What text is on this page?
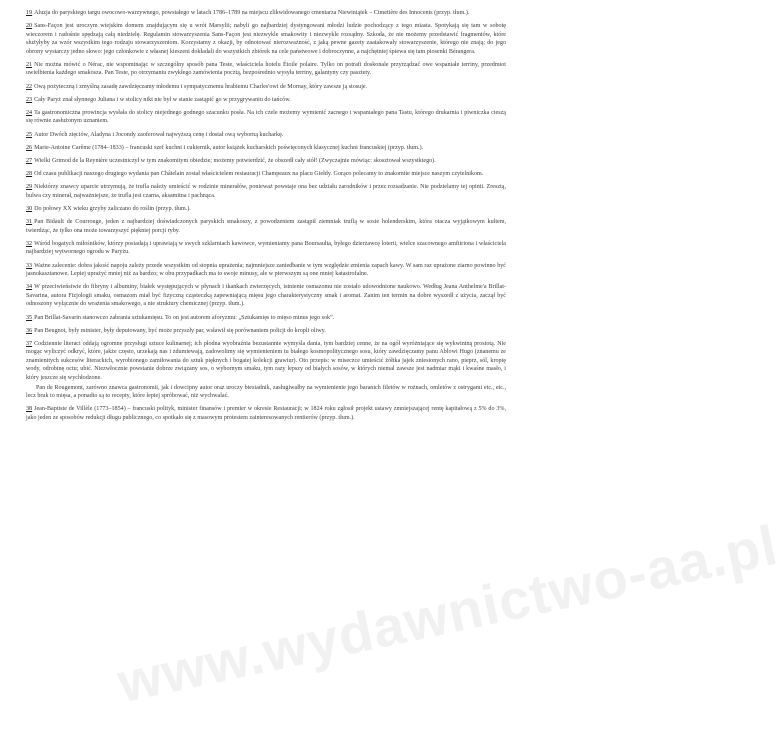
19 Aluzja do paryskiego targu owocowo-warzywnego, powstałego w latach 1786–1789 na miejscu zlikwidowanego cmentarza Niewiniątek – Cimetière des Innocents (przyp. tłum.).

20 Sans-Façon jest uroczym wiejskim domem znajdującym się u wrót Marsylii; nabyli go najbardziej dystyngowani młodzi ludzie pochodzący z tego miasta. Spotykają się tam w sobotę wieczorem i radośnie spędzają całą niedzielę. Regulamin stowarzyszenia Sans-Façon jest niezwykle smakowity i niezwykle rozsądny. Szkoda, że nie możemy przedstawić fragmentów, które służyłyby za wzór wszystkim tego rodzaju stowarzyszeniom. Korzystamy z okazji, by odnotować nierozważność, z jaką pewne gazety zaatakowały stowarzyszenie, którego nie znają; do jego obrony wystarczy jedno słowo: jego członkowie z własnej kieszeni dokładali do wszystkich zbiórek na cele państwowe i dobroczynne, a najchętniej śpiewa się tam piosenki Bérangera.

21 Nie można mówić o Nérac, nie wspominając w szczególny sposób pana Teste, właściciela hotelu Étoile polaire. Tylko on potrafi doskonale przyrządzać owe wspaniałe terriny, przedmiot uwielbienia każdego smakosza. Pan Teste, po otrzymaniu zwykłego zamówienia pocztą, bezpośrednio wysyła terriny, galantyny czy pasztety.

22 Ową pożyteczną i zmyślną zasadę zawdzięczamy młodemu i sympatycznemu hrabiemu Charles'owi de Mornay, który zawsze ją stosuje.

23 Cały Paryż znał słynnego Juliana i w stolicy nikt nie był w stanie zastąpić go w przygrywaniu do tańców.

24 Ta gastronomiczna prowincja wysłała do stolicy niejednego godnego szacunku posła. Na ich czele możemy wymienić zacnego i wspaniałego pana Tastu, którego drukarnia i piwniczka cieszą się równie zasłużonym uznaniem.

25 Autor Dwóch zięciów, Aladyna i Jocondy zaoferował najwyższą cenę i dostał ową wyborną kucharkę.

26 Marie-Antoine Carême (1784–1833) – francuski szef kuchni i cukiernik, autor książek kucharskich poświęconych klasycznej kuchni francuskiej (przyp. tłum.).

27 Wielki Grimod de la Reynière uczestniczył w tym znakomitym obiedzie; możemy potwierdzić, że obszedł cały stół! (Zwyczajnie mówiąc: skosztował wszystkiego).

28 Od czasu publikacji naszego drugiego wydania pan Châtelain został właścicielem restauracji Champeaux na placu Giełdy. Gorąco polecamy to znakomite miejsce naszym czytelnikom.

29 Niektórzy znawcy uparcie utrzymują, że trufla należy umieścić w rodzinie minerałów, ponieważ powstaje ona bez udziału zarodników i przez rozsadzanie. Nie podzielamy tej opinii. Zresztą, bulwa czy minerał, najważniejsze, że trufla jest czarna, aksamitna i pachnąca.

30 Do połowy XX wieku grzyby zaliczano do roślin (przyp. tłum.).

31 Pan Bidault de Courrouge, jeden z najbardziej doświadczonych paryskich smakoszy, z powodzeniem zastąpił ziemniak truflą w sosie holenderskim, która otacza wyjątkowym kultem, twierdząc, że tylko ona może towarzyszyć piękniej porcji ryby.

32 Wśród bogatych miłośników, którzy posiadają i uprawiają w swych szklarniach kawowce, wymieniamy pana Boursaulta, byłego dzierżawcę loterii, wielce szacownego amfitriona i właściciela najbardziej wytwornego ogrodu w Paryżu.

33 Ważne zalecenie: dobra jakość napoju zależy przede wszystkim od stopnia uprażenia; najmniejsze zaniedbanie w tym względzie zmienia zapach kawy. W sam raz uprażone ziarno powinno być jasnokasztanowe. Lepiej uprażyć mniej niż za bardzo; w obu przypadkach ma to swoje minusy, ale w pierwszym są one mniej katastrofalne.

34 W przeciwieństwie do fibryny i albuminy, białek występujących w płynach i tkankach zwierzęcych, istnienie osmazomu nie zostało udowodnione naukowo. Według Jeana Anthelme'a Brillat-Savarina, autora Fizjologii smaku, osmazom miał być fizyczną cząsteczką zapewniającą mięsu jego charakterystyczny smak i aromat. Zanim ten termin na dobre wyszedł z użycia, zaczął być odnoszony wyłącznie do wrażenia smakowego, a nie struktury chemicznej (przyp. tłum.).

35 Pan Brillat-Savarin stanowczo zabrania sztukamięsu. To on jest autorem aforyzmu: „Sztukamięs to mięso minus jego sok”.

36 Pan Beugnot, były minister, były deputowany, być może przyszły par, wsławił się porównaniem policji do kropli oliwy.

37 Codziennie literaci oddają ogromne przysługi sztuce kulinarnej; ich płodna wyobraźnia bezustannie wymyśla dania, tym bardziej cenne, że na ogół wyróżniające się wykwintną prostotą. Nie mogąc wyliczyć odkryć, które, jakże często, urzekają nas i zdumiewają, zadowolimy się wymienieniem tu białego kosmopolitycznego sosu, który zawdzięczamy panu Ablowi Hugo (znanemu ze znamienitych sukcesów literackich, wyrobionego zamiłowania do sztuk pięknych i bogatej kolekcji grawiur). Oto przepis: w miseczce umieścić żółtka jajek zniesionych rano, pieprz, sól, kropię wody, odrobinę octu; ubić. Niezwłocznie powstanie dobrze związany sos, o wybornym smaku, tym razy lepszy od białych sosów, w których niemal zawsze jest nadmiar mąki i kwaśne masło, i który jeszcze się wychłodzone.

Pan de Rougemont, zarówno znawca gastronomii, jak i dowcipny autor oraz uroczy biesiadnik, zasługiwałby na wymienienie jego baranich filetów w rożnach, omletów z ostrygami etc., etc., lecz bruk to mięsa, a ponadto są to recepty, które lepiej spróbować, niż wychwalać.

38 Jean-Baptiste de Villèle (1773–1854) – francuski polityk, minister finansów i premier w okresie Restauracji; w 1824 roku zgłosił projekt ustawy zmniejszającej rentę kapitałową z 5% do 3%, jako jeden ze sposobów redukcji długu publicznego, co spotkało się z masowym protestem zainteresowanych rentierów (przyp. tłum.).

www.wydawnictwo-aa.pl
